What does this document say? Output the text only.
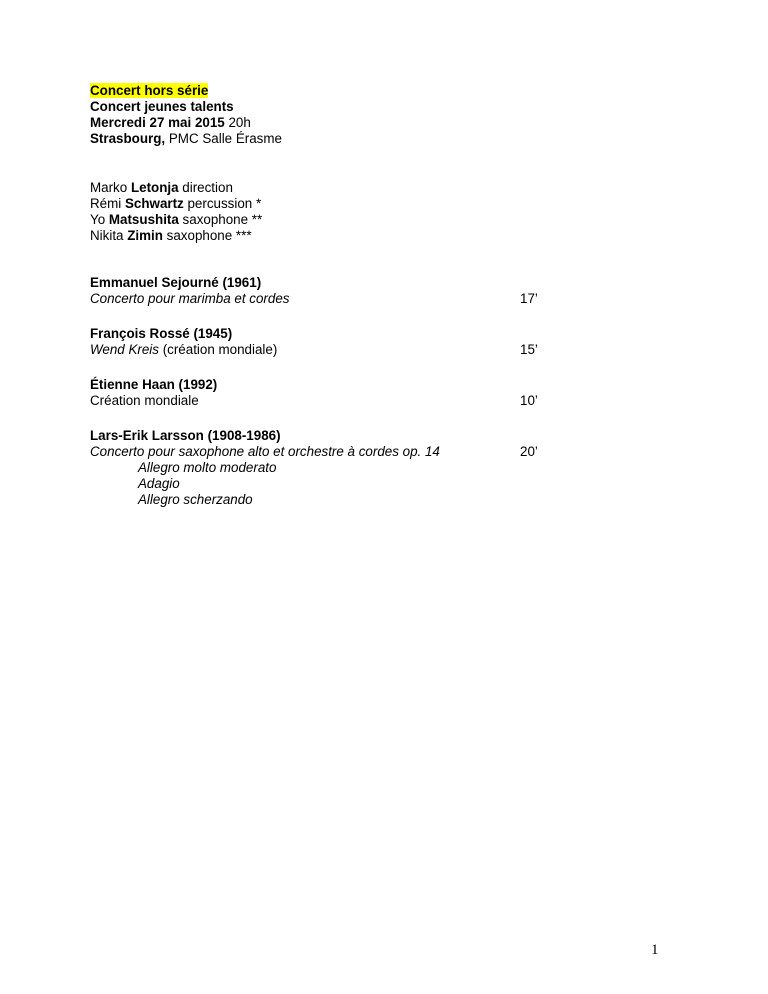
Concert hors série
Concert jeunes talents
Mercredi 27 mai 2015 20h
Strasbourg, PMC Salle Érasme
Marko Letonja direction
Rémi Schwartz percussion *
Yo Matsushita saxophone **
Nikita Zimin saxophone ***
Emmanuel Sejourné (1961)
Concerto pour marimba et cordes	17’
François Rossé (1945)
Wend Kreis (création mondiale)	15’
Étienne Haan (1992)
Création mondiale	10’
Lars-Erik Larsson (1908-1986)
Concerto pour saxophone alto et orchestre à cordes op. 14	20’
Allegro molto moderato
Adagio
Allegro scherzando
1
